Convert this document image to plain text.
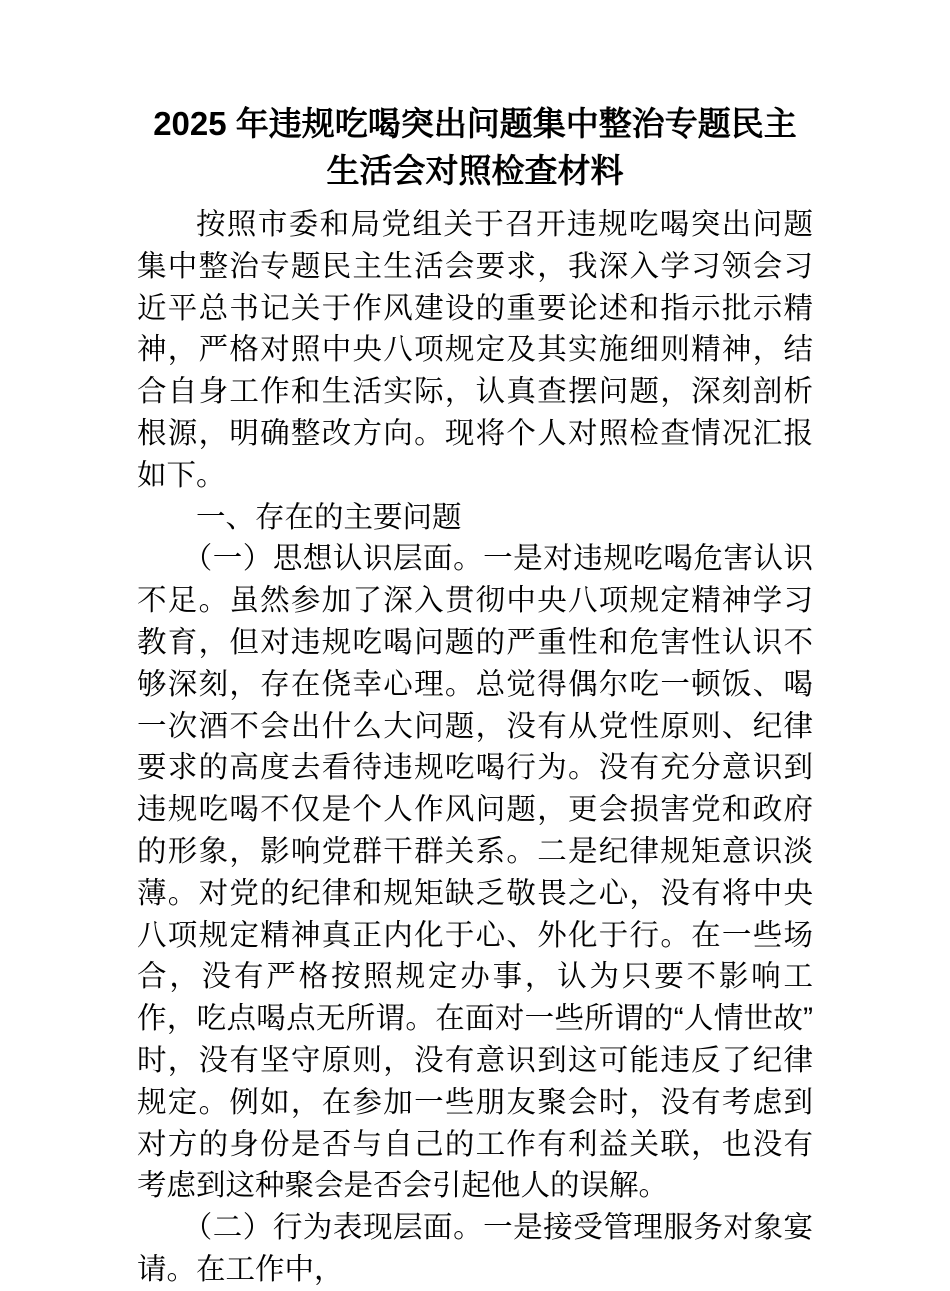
2025 年违规吃喝突出问题集中整治专题民主生活会对照检查材料

按照市委和局党组关于召开违规吃喝突出问题集中整治专题民主生活会要求，我深入学习领会习近平总书记关于作风建设的重要论述和指示批示精神，严格对照中央八项规定及其实施细则精神，结合自身工作和生活实际，认真查摆问题，深刻剖析根源，明确整改方向。现将个人对照检查情况汇报如下。

一、存在的主要问题

（一）思想认识层面。一是对违规吃喝危害认识不足。虽然参加了深入贯彻中央八项规定精神学习教育，但对违规吃喝问题的严重性和危害性认识不够深刻，存在侥幸心理。总觉得偶尔吃一顿饭、喝一次酒不会出什么大问题，没有从党性原则、纪律要求的高度去看待违规吃喝行为。没有充分意识到违规吃喝不仅是个人作风问题，更会损害党和政府的形象，影响党群干群关系。二是纪律规矩意识淡薄。对党的纪律和规矩缺乏敬畏之心，没有将中央八项规定精神真正内化于心、外化于行。在一些场合，没有严格按照规定办事，认为只要不影响工作，吃点喝点无所谓。在面对一些所谓的“人情世故”时，没有坚守原则，没有意识到这可能违反了纪律规定。例如，在参加一些朋友聚会时，没有考虑到对方的身份是否与自己的工作有利益关联，也没有考虑到这种聚会是否会引起他人的误解。

（二）行为表现层面。一是接受管理服务对象宴请。在工作中，
